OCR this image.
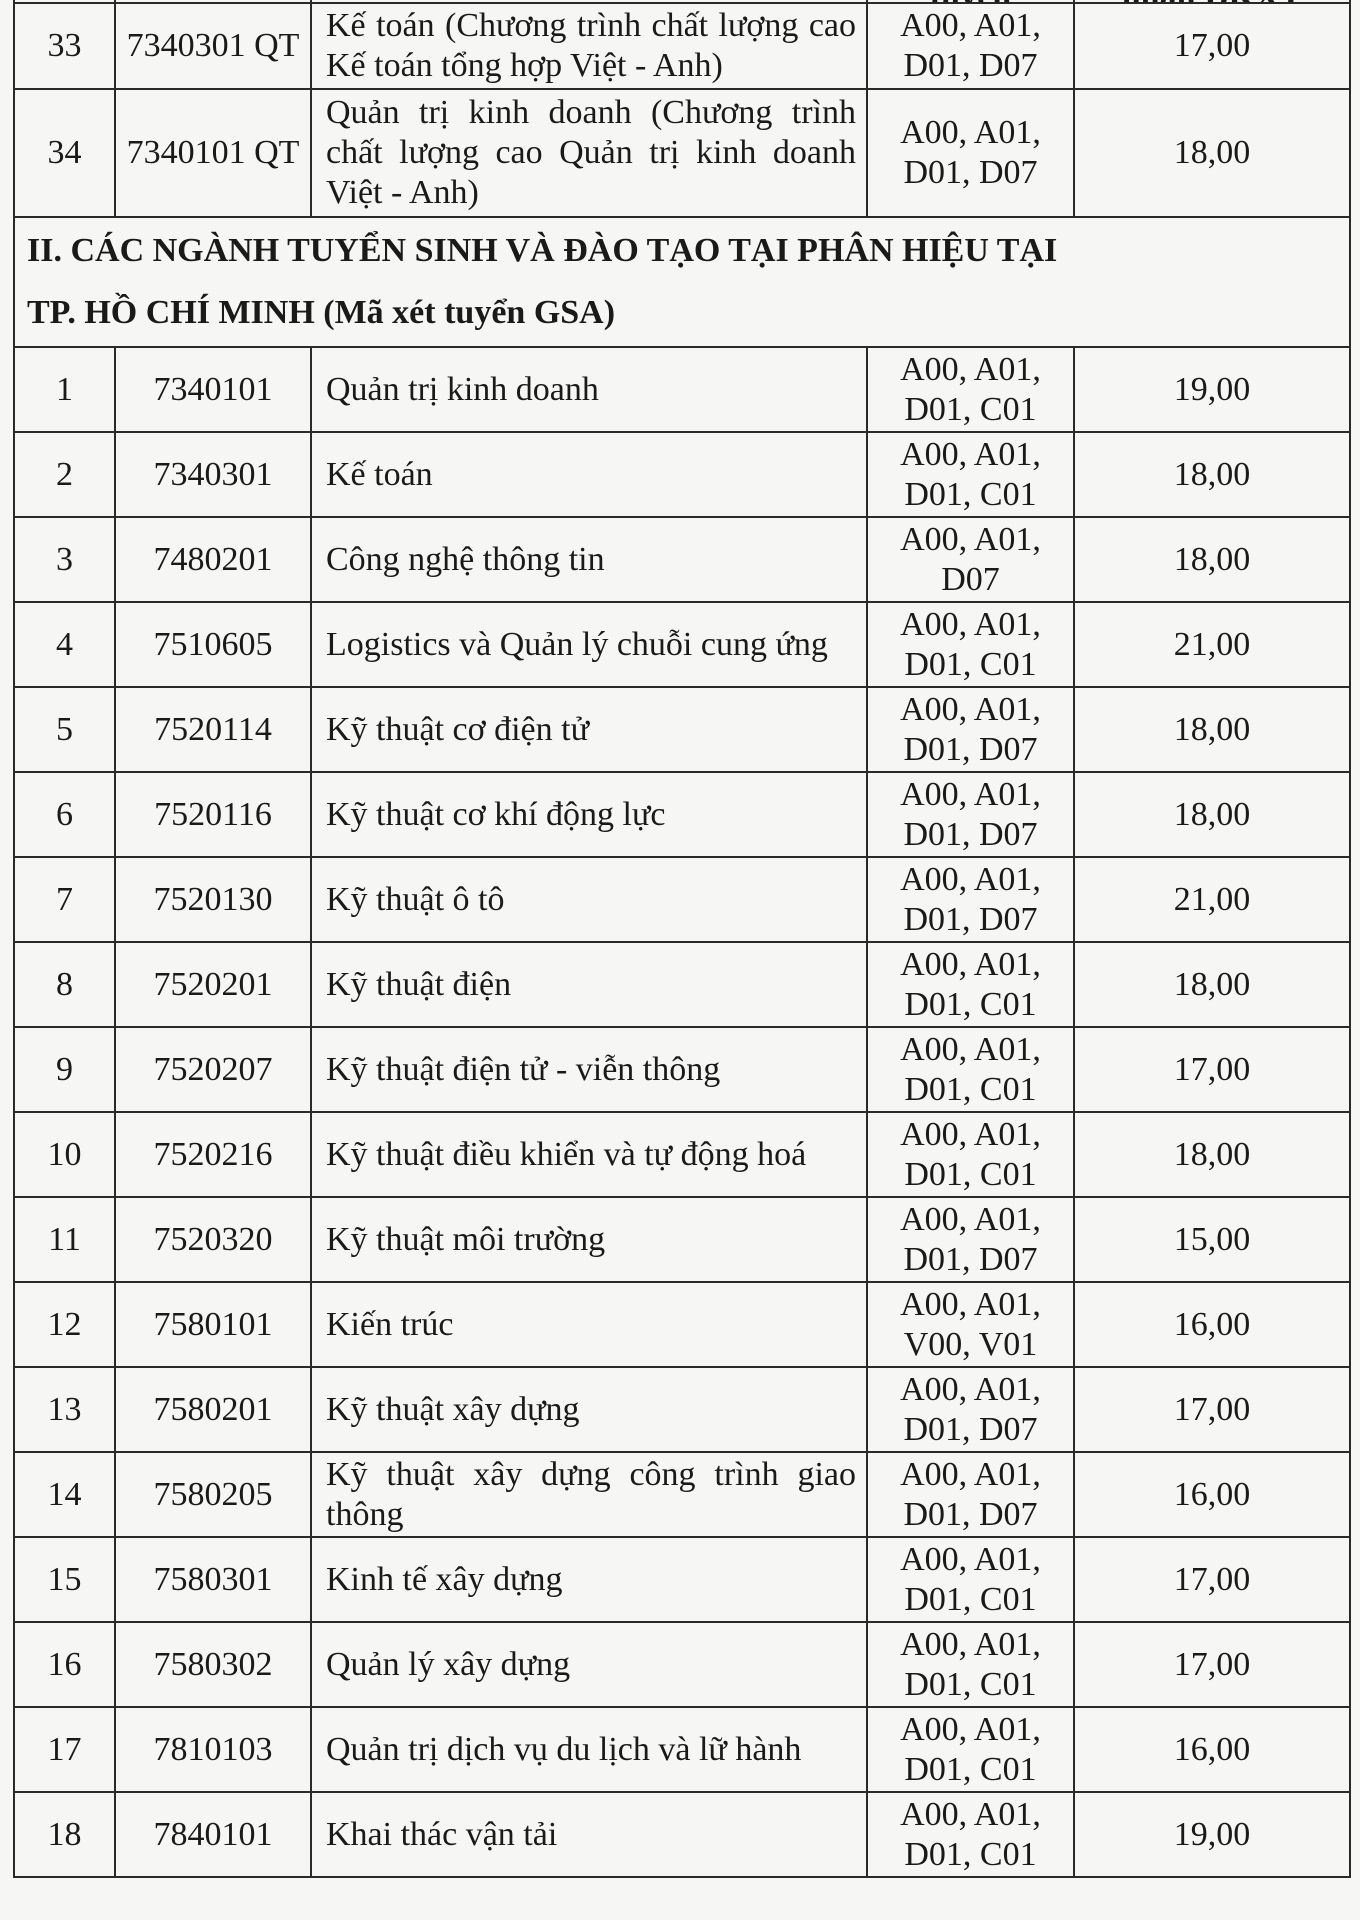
33	7340301 QT	Kế toán (Chương trình chất lượng cao Kế toán tổng hợp Việt - Anh)	A00, A01, D01, D07	17,00
34	7340101 QT	Quản trị kinh doanh (Chương trình chất lượng cao Quản trị kinh doanh Việt - Anh)	A00, A01, D01, D07	18,00

II. CÁC NGÀNH TUYỂN SINH VÀ ĐÀO TẠO TẠI PHÂN HIỆU TẠI
TP. HỒ CHÍ MINH (Mã xét tuyển GSA)				

1	7340101	Quản trị kinh doanh	A00, A01, D01, C01	19,00
2	7340301	Kế toán	A00, A01, D01, C01	18,00
3	7480201	Công nghệ thông tin	A00, A01, D07	18,00
4	7510605	Logistics và Quản lý chuỗi cung ứng	A00, A01, D01, C01	21,00
5	7520114	Kỹ thuật cơ điện tử	A00, A01, D01, D07	18,00
6	7520116	Kỹ thuật cơ khí động lực	A00, A01, D01, D07	18,00
7	7520130	Kỹ thuật ô tô	A00, A01, D01, D07	21,00
8	7520201	Kỹ thuật điện	A00, A01, D01, C01	18,00
9	7520207	Kỹ thuật điện tử - viễn thông	A00, A01, D01, C01	17,00
10	7520216	Kỹ thuật điều khiển và tự động hoá	A00, A01, D01, C01	18,00
11	7520320	Kỹ thuật môi trường	A00, A01, D01, D07	15,00
12	7580101	Kiến trúc	A00, A01, V00, V01	16,00
13	7580201	Kỹ thuật xây dựng	A00, A01, D01, D07	17,00
14	7580205	Kỹ thuật xây dựng công trình giao thông	A00, A01, D01, D07	16,00
15	7580301	Kinh tế xây dựng	A00, A01, D01, C01	17,00
16	7580302	Quản lý xây dựng	A00, A01, D01, C01	17,00
17	7810103	Quản trị dịch vụ du lịch và lữ hành	A00, A01, D01, C01	16,00
18	7840101	Khai thác vận tải	A00, A01, D01, C01	19,00
